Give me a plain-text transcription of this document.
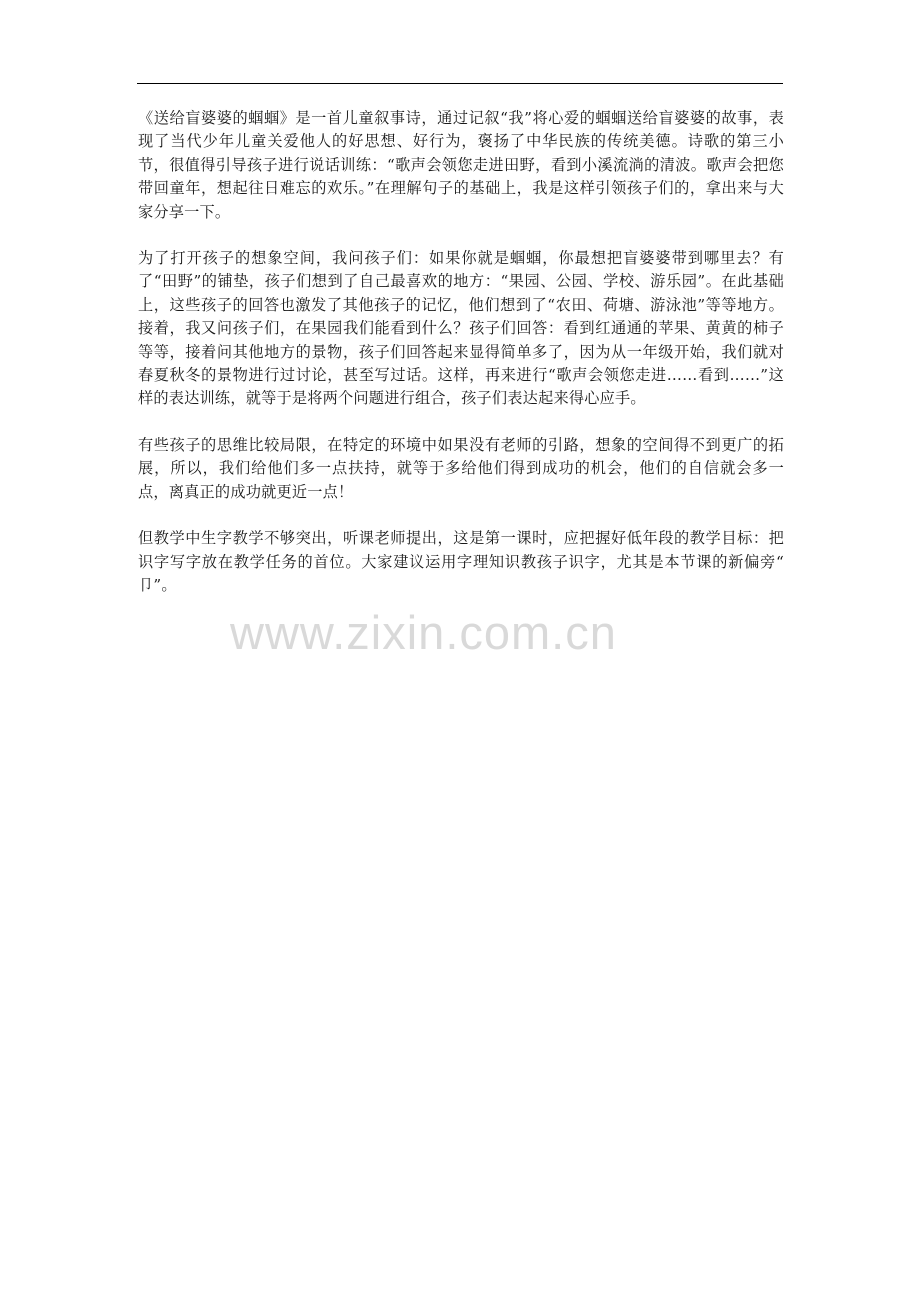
《送给盲婆婆的蝈蝈》是一首儿童叙事诗，通过记叙“我”将心爱的蝈蝈送给盲婆婆的故事，表现了当代少年儿童关爱他人的好思想、好行为，褒扬了中华民族的传统美德。诗歌的第三小节，很值得引导孩子进行说话训练：“歌声会领您走进田野，看到小溪流淌的清波。歌声会把您带回童年，想起往日难忘的欢乐。”在理解句子的基础上，我是这样引领孩子们的，拿出来与大家分享一下。

为了打开孩子的想象空间，我问孩子们：如果你就是蝈蝈，你最想把盲婆婆带到哪里去？有了“田野”的铺垫，孩子们想到了自己最喜欢的地方：“果园、公园、学校、游乐园”。在此基础上，这些孩子的回答也激发了其他孩子的记忆，他们想到了“农田、荷塘、游泳池”等等地方。接着，我又问孩子们，在果园我们能看到什么？孩子们回答：看到红通通的苹果、黄黄的柿子等等，接着问其他地方的景物，孩子们回答起来显得简单多了，因为从一年级开始，我们就对春夏秋冬的景物进行过讨论，甚至写过话。这样，再来进行“歌声会领您走进……看到……”这样的表达训练，就等于是将两个问题进行组合，孩子们表达起来得心应手。

有些孩子的思维比较局限，在特定的环境中如果没有老师的引路，想象的空间得不到更广的拓展，所以，我们给他们多一点扶持，就等于多给他们得到成功的机会，他们的自信就会多一点，离真正的成功就更近一点！

但教学中生字教学不够突出，听课老师提出，这是第一课时，应把握好低年段的教学目标：把识字写字放在教学任务的首位。大家建议运用字理知识教孩子识字，尤其是本节课的新偏旁“ 卩”。

www.zixin.com.cn
